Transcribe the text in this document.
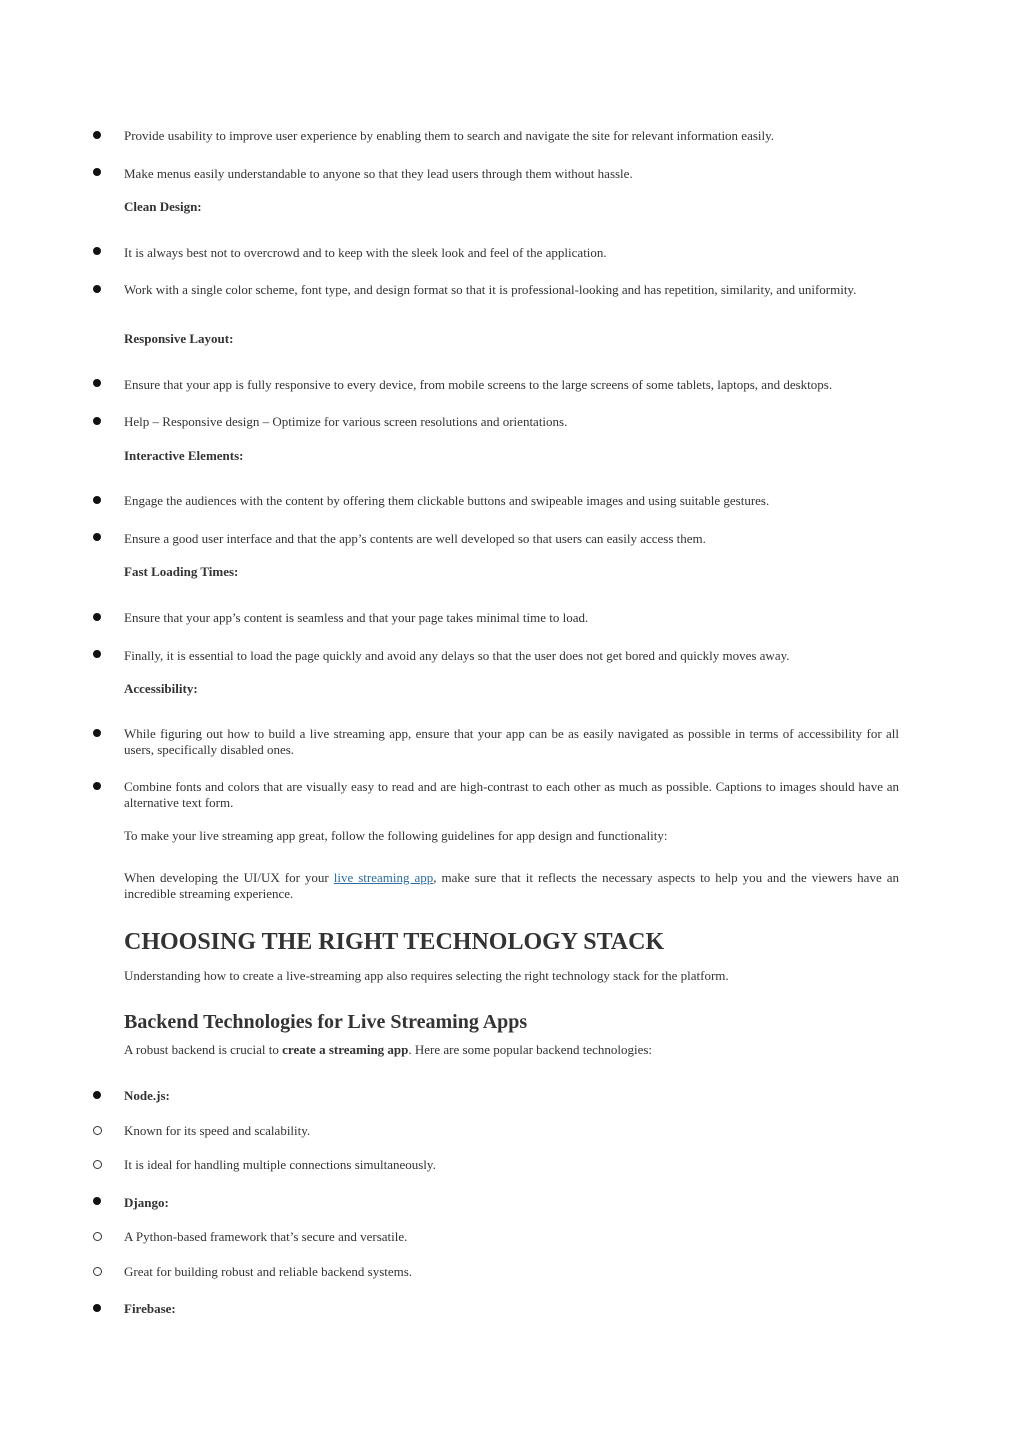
Provide usability to improve user experience by enabling them to search and navigate the site for relevant information easily.
Make menus easily understandable to anyone so that they lead users through them without hassle.
Clean Design:
It is always best not to overcrowd and to keep with the sleek look and feel of the application.
Work with a single color scheme, font type, and design format so that it is professional-looking and has repetition, similarity, and uniformity.
Responsive Layout:
Ensure that your app is fully responsive to every device, from mobile screens to the large screens of some tablets, laptops, and desktops.
Help – Responsive design – Optimize for various screen resolutions and orientations.
Interactive Elements:
Engage the audiences with the content by offering them clickable buttons and swipeable images and using suitable gestures.
Ensure a good user interface and that the app’s contents are well developed so that users can easily access them.
Fast Loading Times:
Ensure that your app’s content is seamless and that your page takes minimal time to load.
Finally, it is essential to load the page quickly and avoid any delays so that the user does not get bored and quickly moves away.
Accessibility:
While figuring out how to build a live streaming app, ensure that your app can be as easily navigated as possible in terms of accessibility for all users, specifically disabled ones.
Combine fonts and colors that are visually easy to read and are high-contrast to each other as much as possible. Captions to images should have an alternative text form.
To make your live streaming app great, follow the following guidelines for app design and functionality:
When developing the UI/UX for your live streaming app, make sure that it reflects the necessary aspects to help you and the viewers have an incredible streaming experience.
CHOOSING THE RIGHT TECHNOLOGY STACK
Understanding how to create a live-streaming app also requires selecting the right technology stack for the platform.
Backend Technologies for Live Streaming Apps
A robust backend is crucial to create a streaming app. Here are some popular backend technologies:
Node.js:
Known for its speed and scalability.
It is ideal for handling multiple connections simultaneously.
Django:
A Python-based framework that’s secure and versatile.
Great for building robust and reliable backend systems.
Firebase:
